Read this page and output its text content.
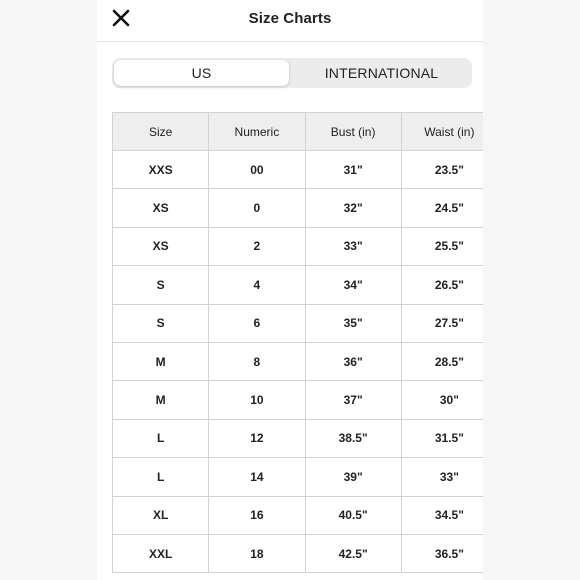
Size Charts
US	INTERNATIONAL
Size	Numeric	Bust (in)	Waist (in)
XXS	00	31"	23.5"
XS	0	32"	24.5"
XS	2	33"	25.5"
S	4	34"	26.5"
S	6	35"	27.5"
M	8	36"	28.5"
M	10	37"	30"
L	12	38.5"	31.5"
L	14	39"	33"
XL	16	40.5"	34.5"
XXL	18	42.5"	36.5"
